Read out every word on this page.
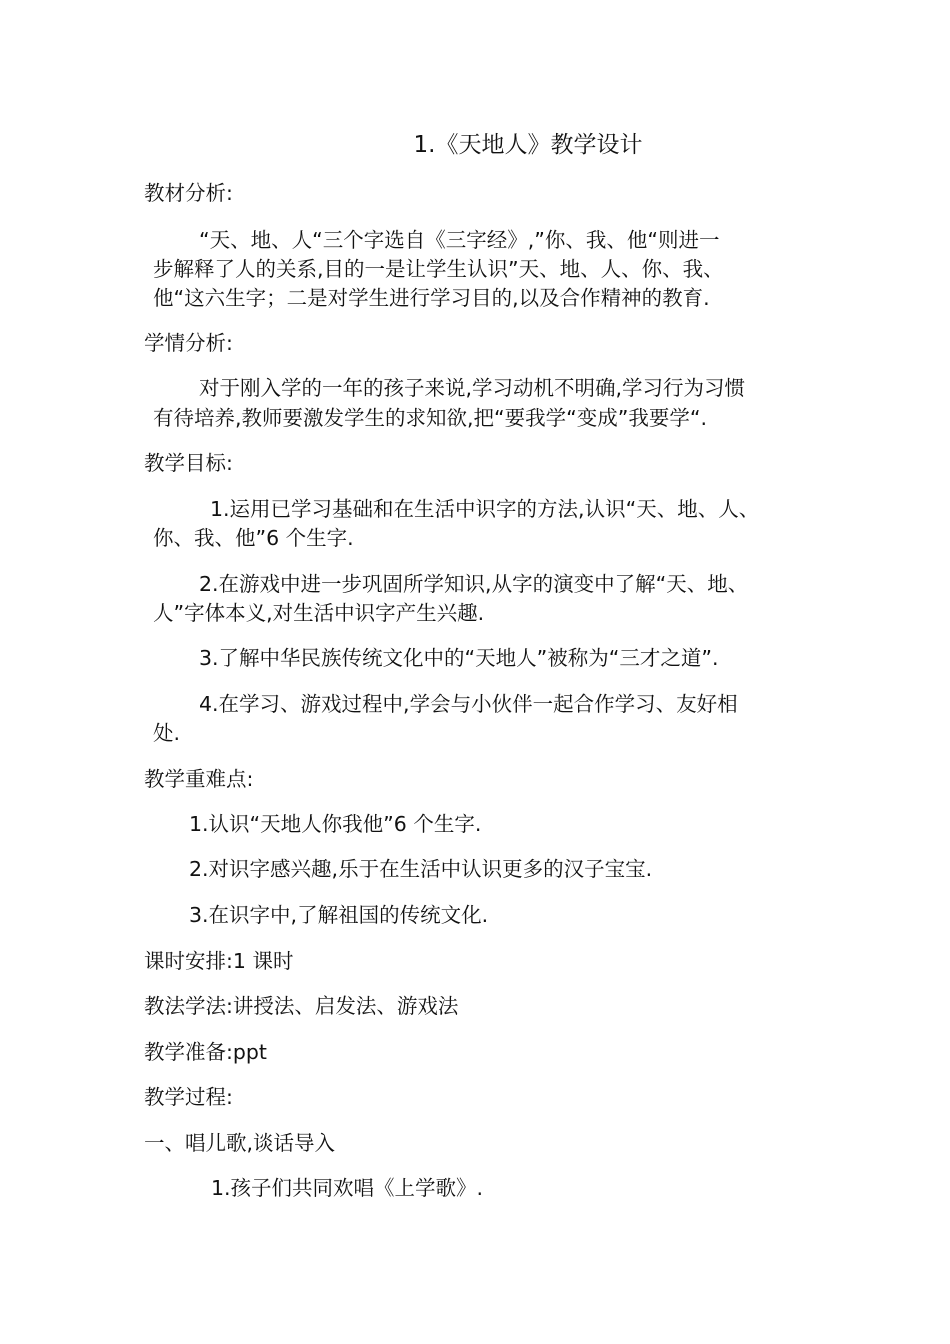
1.《天地人》教学设计

教材分析:

“天、地、人“三个字选自《三字经》,”你、我、他“则进一

步解释了人的关系,目的一是让学生认识”天、地、人、你、我、

他“这六生字；二是对学生进行学习目的,以及合作精神的教育.

学情分析:

对于刚入学的一年的孩子来说,学习动机不明确,学习行为习惯

有待培养,教师要激发学生的求知欲,把“要我学“变成”我要学“.

教学目标:

1.运用已学习基础和在生活中识字的方法,认识“天、地、人、

你、我、他”6 个生字.

2.在游戏中进一步巩固所学知识,从字的演变中了解“天、地、

人”字体本义,对生活中识字产生兴趣.

3.了解中华民族传统文化中的“天地人”被称为“三才之道”.

4.在学习、游戏过程中,学会与小伙伴一起合作学习、友好相

处.

教学重难点:

1.认识“天地人你我他”6 个生字.

2.对识字感兴趣,乐于在生活中认识更多的汉子宝宝.

3.在识字中,了解祖国的传统文化.

课时安排:1 课时

教法学法:讲授法、启发法、游戏法

教学准备:ppt

教学过程:

一、唱儿歌,谈话导入

1.孩子们共同欢唱《上学歌》.
